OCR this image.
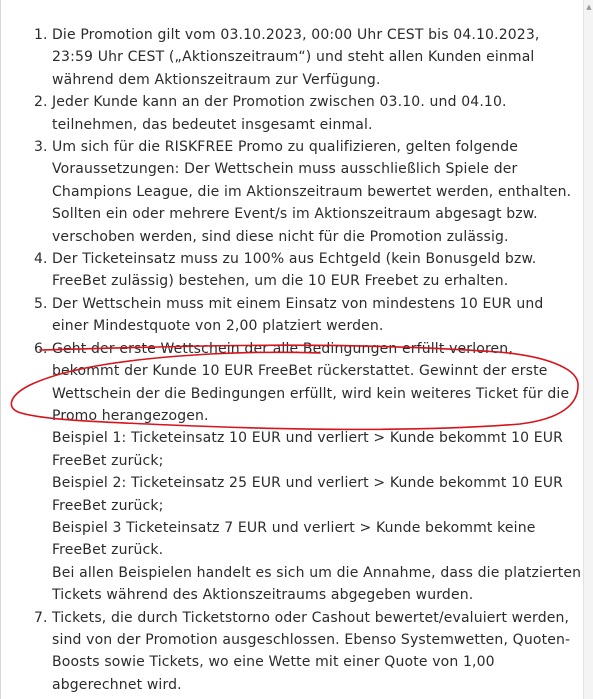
1. Die Promotion gilt vom 03.10.2023, 00:00 Uhr CEST bis 04.10.2023,
23:59 Uhr CEST („Aktionszeitraum“) und steht allen Kunden einmal
während dem Aktionszeitraum zur Verfügung.
2. Jeder Kunde kann an der Promotion zwischen 03.10. und 04.10.
teilnehmen, das bedeutet insgesamt einmal.
3. Um sich für die RISKFREE Promo zu qualifizieren, gelten folgende
Voraussetzungen: Der Wettschein muss ausschließlich Spiele der
Champions League, die im Aktionszeitraum bewertet werden, enthalten.
Sollten ein oder mehrere Event/s im Aktionszeitraum abgesagt bzw.
verschoben werden, sind diese nicht für die Promotion zulässig.
4. Der Ticketeinsatz muss zu 100% aus Echtgeld (kein Bonusgeld bzw.
FreeBet zulässig) bestehen, um die 10 EUR Freebet zu erhalten.
5. Der Wettschein muss mit einem Einsatz von mindestens 10 EUR und
einer Mindestquote von 2,00 platziert werden.
6. Geht der erste Wettschein der alle Bedingungen erfüllt verloren,
bekommt der Kunde 10 EUR FreeBet rückerstattet. Gewinnt der erste
Wettschein der die Bedingungen erfüllt, wird kein weiteres Ticket für die
Promo herangezogen.
Beispiel 1: Ticketeinsatz 10 EUR und verliert > Kunde bekommt 10 EUR
FreeBet zurück;
Beispiel 2: Ticketeinsatz 25 EUR und verliert > Kunde bekommt 10 EUR
FreeBet zurück;
Beispiel 3 Ticketeinsatz 7 EUR und verliert > Kunde bekommt keine
FreeBet zurück.
Bei allen Beispielen handelt es sich um die Annahme, dass die platzierten
Tickets während des Aktionszeitraums abgegeben wurden.
7. Tickets, die durch Ticketstorno oder Cashout bewertet/evaluiert werden,
sind von der Promotion ausgeschlossen. Ebenso Systemwetten, Quoten-
Boosts sowie Tickets, wo eine Wette mit einer Quote von 1,00
abgerechnet wird.
▲
